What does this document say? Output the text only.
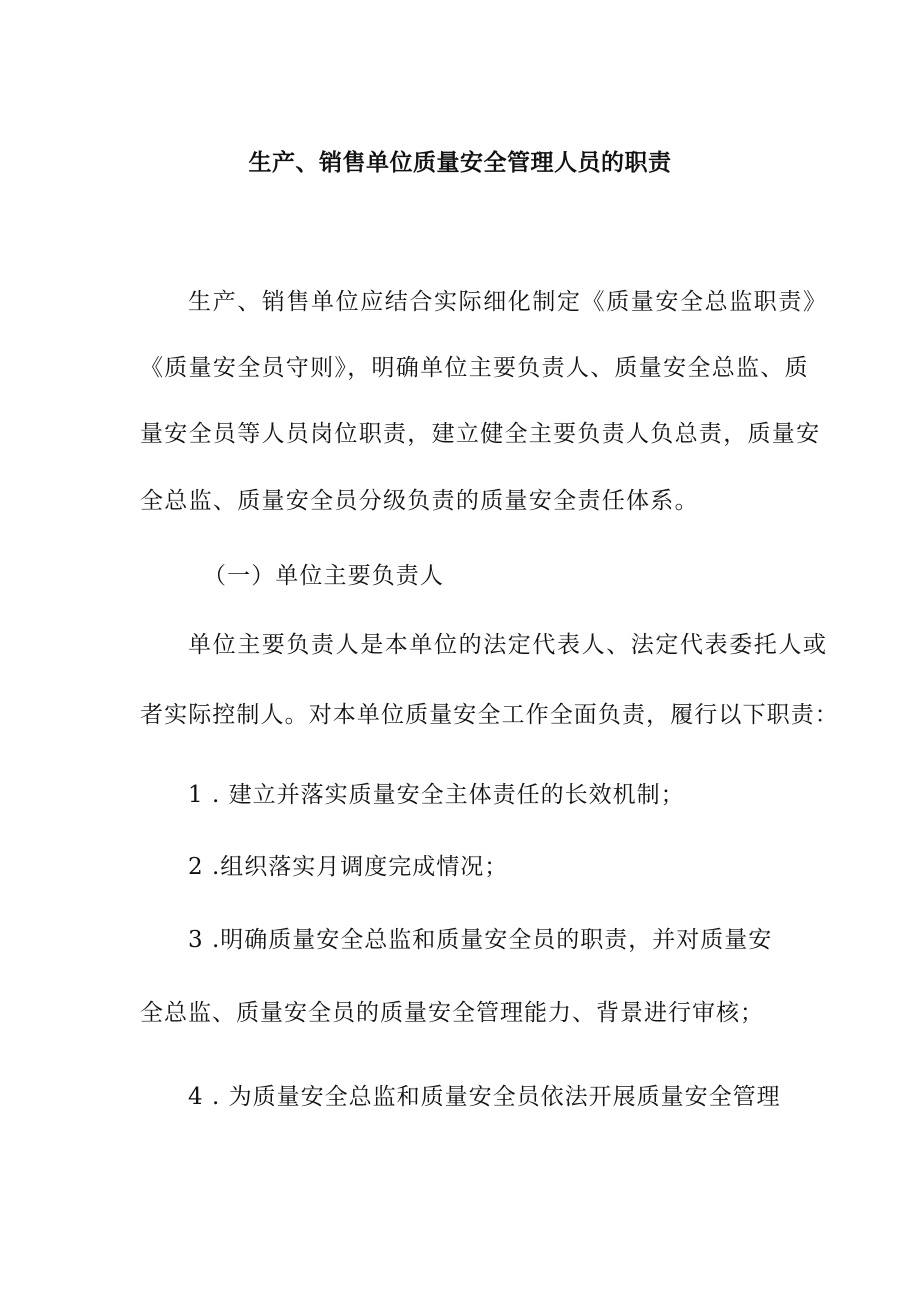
生产、销售单位质量安全管理人员的职责

生产、销售单位应结合实际细化制定《质量安全总监职责》

《质量安全员守则》，明确单位主要负责人、质量安全总监、质

量安全员等人员岗位职责，建立健全主要负责人负总责，质量安

全总监、质量安全员分级负责的质量安全责任体系。

（一）单位主要负责人

单位主要负责人是本单位的法定代表人、法定代表委托人或

者实际控制人。对本单位质量安全工作全面负责，履行以下职责：

1 . 建立并落实质量安全主体责任的长效机制；

2 .组织落实月调度完成情况；

3 .明确质量安全总监和质量安全员的职责，并对质量安

全总监、质量安全员的质量安全管理能力、背景进行审核；

4 . 为质量安全总监和质量安全员依法开展质量安全管理
